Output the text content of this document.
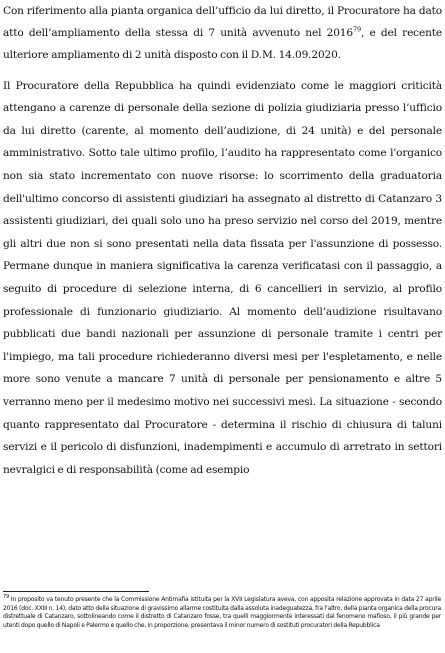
Con riferimento alla pianta organica dell’ufficio da lui diretto, il Procuratore ha dato atto dell’ampliamento della stessa di 7 unità avvenuto nel 2016$^{79}$, e del recente ulteriore ampliamento di 2 unità disposto con il D.M. 14.09.2020.

Il Procuratore della Repubblica ha quindi evidenziato come le maggiori criticità attengano a carenze di personale della sezione di polizia giudiziaria presso l’ufficio da lui diretto (carente, al momento dell’audizione, di 24 unità) e del personale amministrativo. Sotto tale ultimo profilo, l’audito ha rappresentato come l'organico non sia stato incrementato con nuove risorse: lo scorrimento della graduatoria dell'ultimo concorso di assistenti giudiziari ha assegnato al distretto di Catanzaro 3 assistenti giudiziari, dei quali solo uno ha preso servizio nel corso del 2019, mentre gli altri due non si sono presentati nella data fissata per l'assunzione di possesso. Permane dunque in maniera significativa la carenza verificatasi con il passaggio, a seguito di procedure di selezione interna, di 6 cancellieri in servizio, al profilo professionale di funzionario giudiziario. Al momento dell’audizione risultavano pubblicati due bandi nazionali per assunzione di personale tramite i centri per l'impiego, ma tali procedure richiederanno diversi mesi per l'espletamento, e nelle more sono venute a mancare 7 unità di personale per pensionamento e altre 5 verranno meno per il medesimo motivo nei successivi mesi. La situazione - secondo quanto rappresentato dal Procuratore - determina il rischio di chiusura di taluni servizi e il pericolo di disfunzioni, inadempimenti e accumulo di arretrato in settori nevralgici e di responsabilità (come ad esempio

$^{79}$ In proposito va tenuto presente che la Commissione Antimafia istituita per la XVII Legislatura aveva, con apposita relazione approvata in data 27 aprile 2016 (doc. XXIII n. 14), dato atto della situazione di gravissimo allarme costituita dalla assoluta inadeguatezza, fra l’altro, della pianta organica della procura distrettuale di Catanzaro, sottolineando come il distretto di Catanzaro fosse, tra quelli maggiormente interessati dal fenomeno mafioso, il più grande per utenti dopo quello di Napoli e Palermo e quello che, in proporzione, presentava il minor numero di sostituti procuratori della Repubblica
